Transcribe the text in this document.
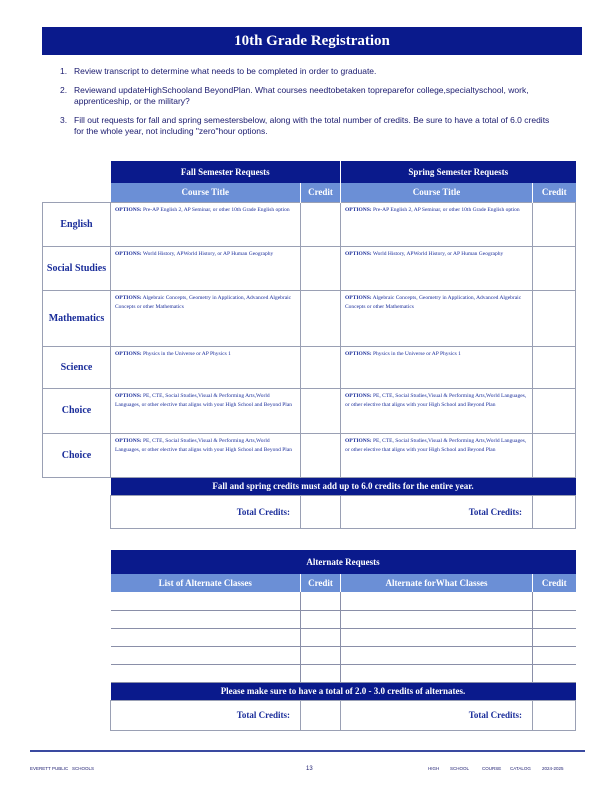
10th Grade Registration
1. Review transcript to determine what needs to be completed in order to graduate.
2. Reviewand updateHighSchooland BeyondPlan. What courses needtobetaken topreparefor college,specialtyschool, work, apprenticeship, or the military?
3. Fill out requests for fall and spring semestersbelow, along with the total number of credits. Be sure to have a total of 6.0 credits for the whole year, not including "zero"hour options.
	Fall Semester Requests		Spring Semester Requests	
	Course Title	Credit	Course Title	Credit
English	OPTIONS: Pre-AP English 2, AP Seminar, or other 10th Grade English option		OPTIONS: Pre-AP English 2, AP Seminar, or other 10th Grade English option	
Social Studies	OPTIONS: World History, APWorld History, or AP Human Geography		OPTIONS: World History, APWorld History, or AP Human Geography	
Mathematics	OPTIONS: Algebraic Concepts, Geometry in Application, Advanced Algebraic Concepts or other Mathematics		OPTIONS: Algebraic Concepts, Geometry in Application, Advanced Algebraic Concepts or other Mathematics	
Science	OPTIONS: Physics in the Universe or AP Physics 1		OPTIONS: Physics in the Universe or AP Physics 1	
Choice	OPTIONS: PE, CTE, Social Studies,Visual & Performing Arts,World Languages, or other elective that aligns with your High School and Beyond Plan		OPTIONS: PE, CTE, Social Studies,Visual & Performing Arts,World Languages, or other elective that aligns with your High School and Beyond Plan	
Choice	OPTIONS: PE, CTE, Social Studies,Visual & Performing Arts,World Languages, or other elective that aligns with your High School and Beyond Plan		OPTIONS: PE, CTE, Social Studies,Visual & Performing Arts,World Languages, or other elective that aligns with your High School and Beyond Plan	
	Fall and spring credits must add up to 6.0 credits for the entire year.			
	Total Credits:		Total Credits:	
Alternate Requests			
List of Alternate Classes	Credit	Alternate forWhat Classes	Credit

Please make sure to have a total of 2.0 - 3.0 credits of alternates.			
Total Credits:		Total Credits:	
EVERETT PUBLIC SCHOOLS	13	HIGH SCHOOL	COURSE CATALOG 2024-2025
